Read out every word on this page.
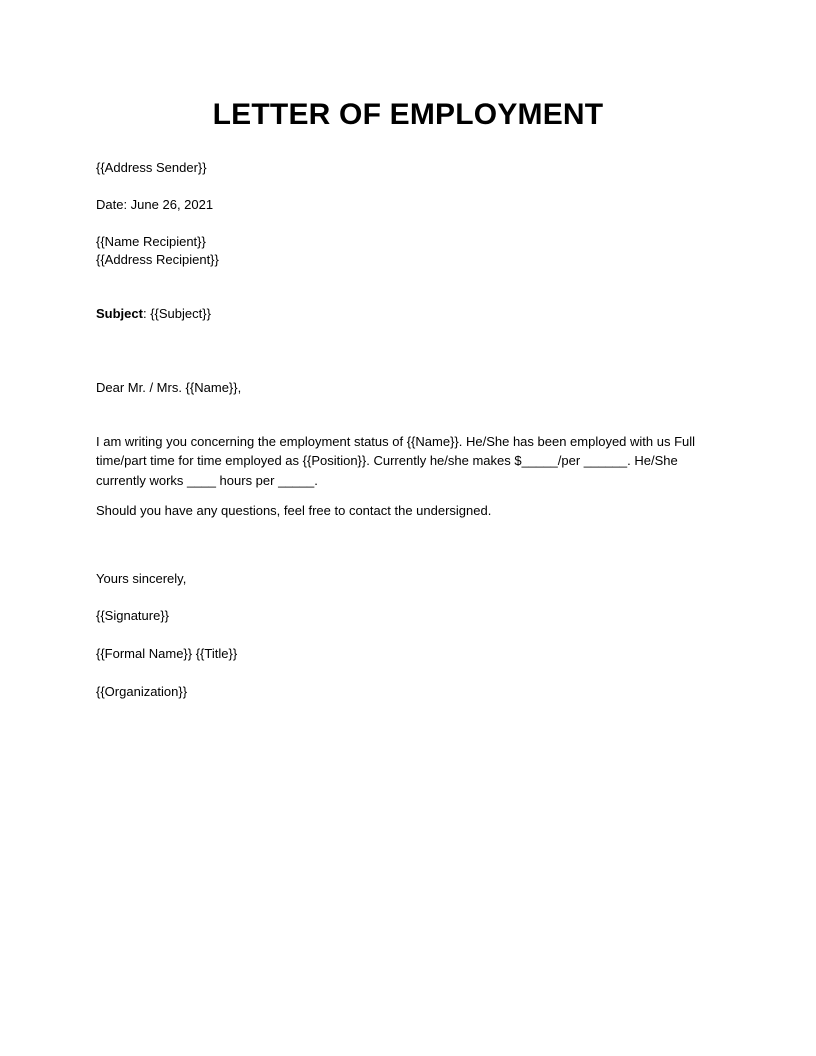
LETTER OF EMPLOYMENT
{{Address Sender}}
Date: June 26, 2021
{{Name Recipient}}
{{Address Recipient}}
Subject: {{Subject}}
Dear Mr. / Mrs. {{Name}},
I am writing you concerning the employment status of {{Name}}. He/She has been employed with us Full
time/part time for time employed as {{Position}}. Currently he/she makes $_____/per ______. He/She
currently works ____ hours per _____.
Should you have any questions, feel free to contact the undersigned.
Yours sincerely,
{{Signature}}
{{Formal Name}} {{Title}}
{{Organization}}
